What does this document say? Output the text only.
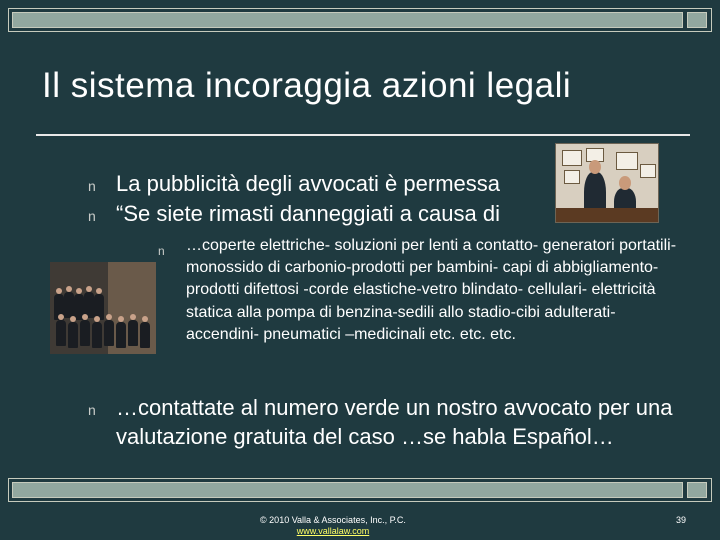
Il sistema incoraggia azioni legali
n La pubblicità degli avvocati è permessa
n “Se siete rimasti danneggiati a causa di
n …coperte elettriche- soluzioni per lenti a contatto- generatori portatili-monossido di carbonio-prodotti per bambini- capi di abbigliamento- prodotti difettosi -corde elastiche-vetro blindato- cellulari- elettricità statica alla pompa di benzina-sedili allo stadio-cibi adulterati- accendini- pneumatici –medicinali etc. etc. etc.
n …contattate al numero verde un nostro avvocato per una valutazione gratuita del caso …se habla Español…
© 2010 Valla & Associates, Inc., P.C.
www.vallalaw.com
39
